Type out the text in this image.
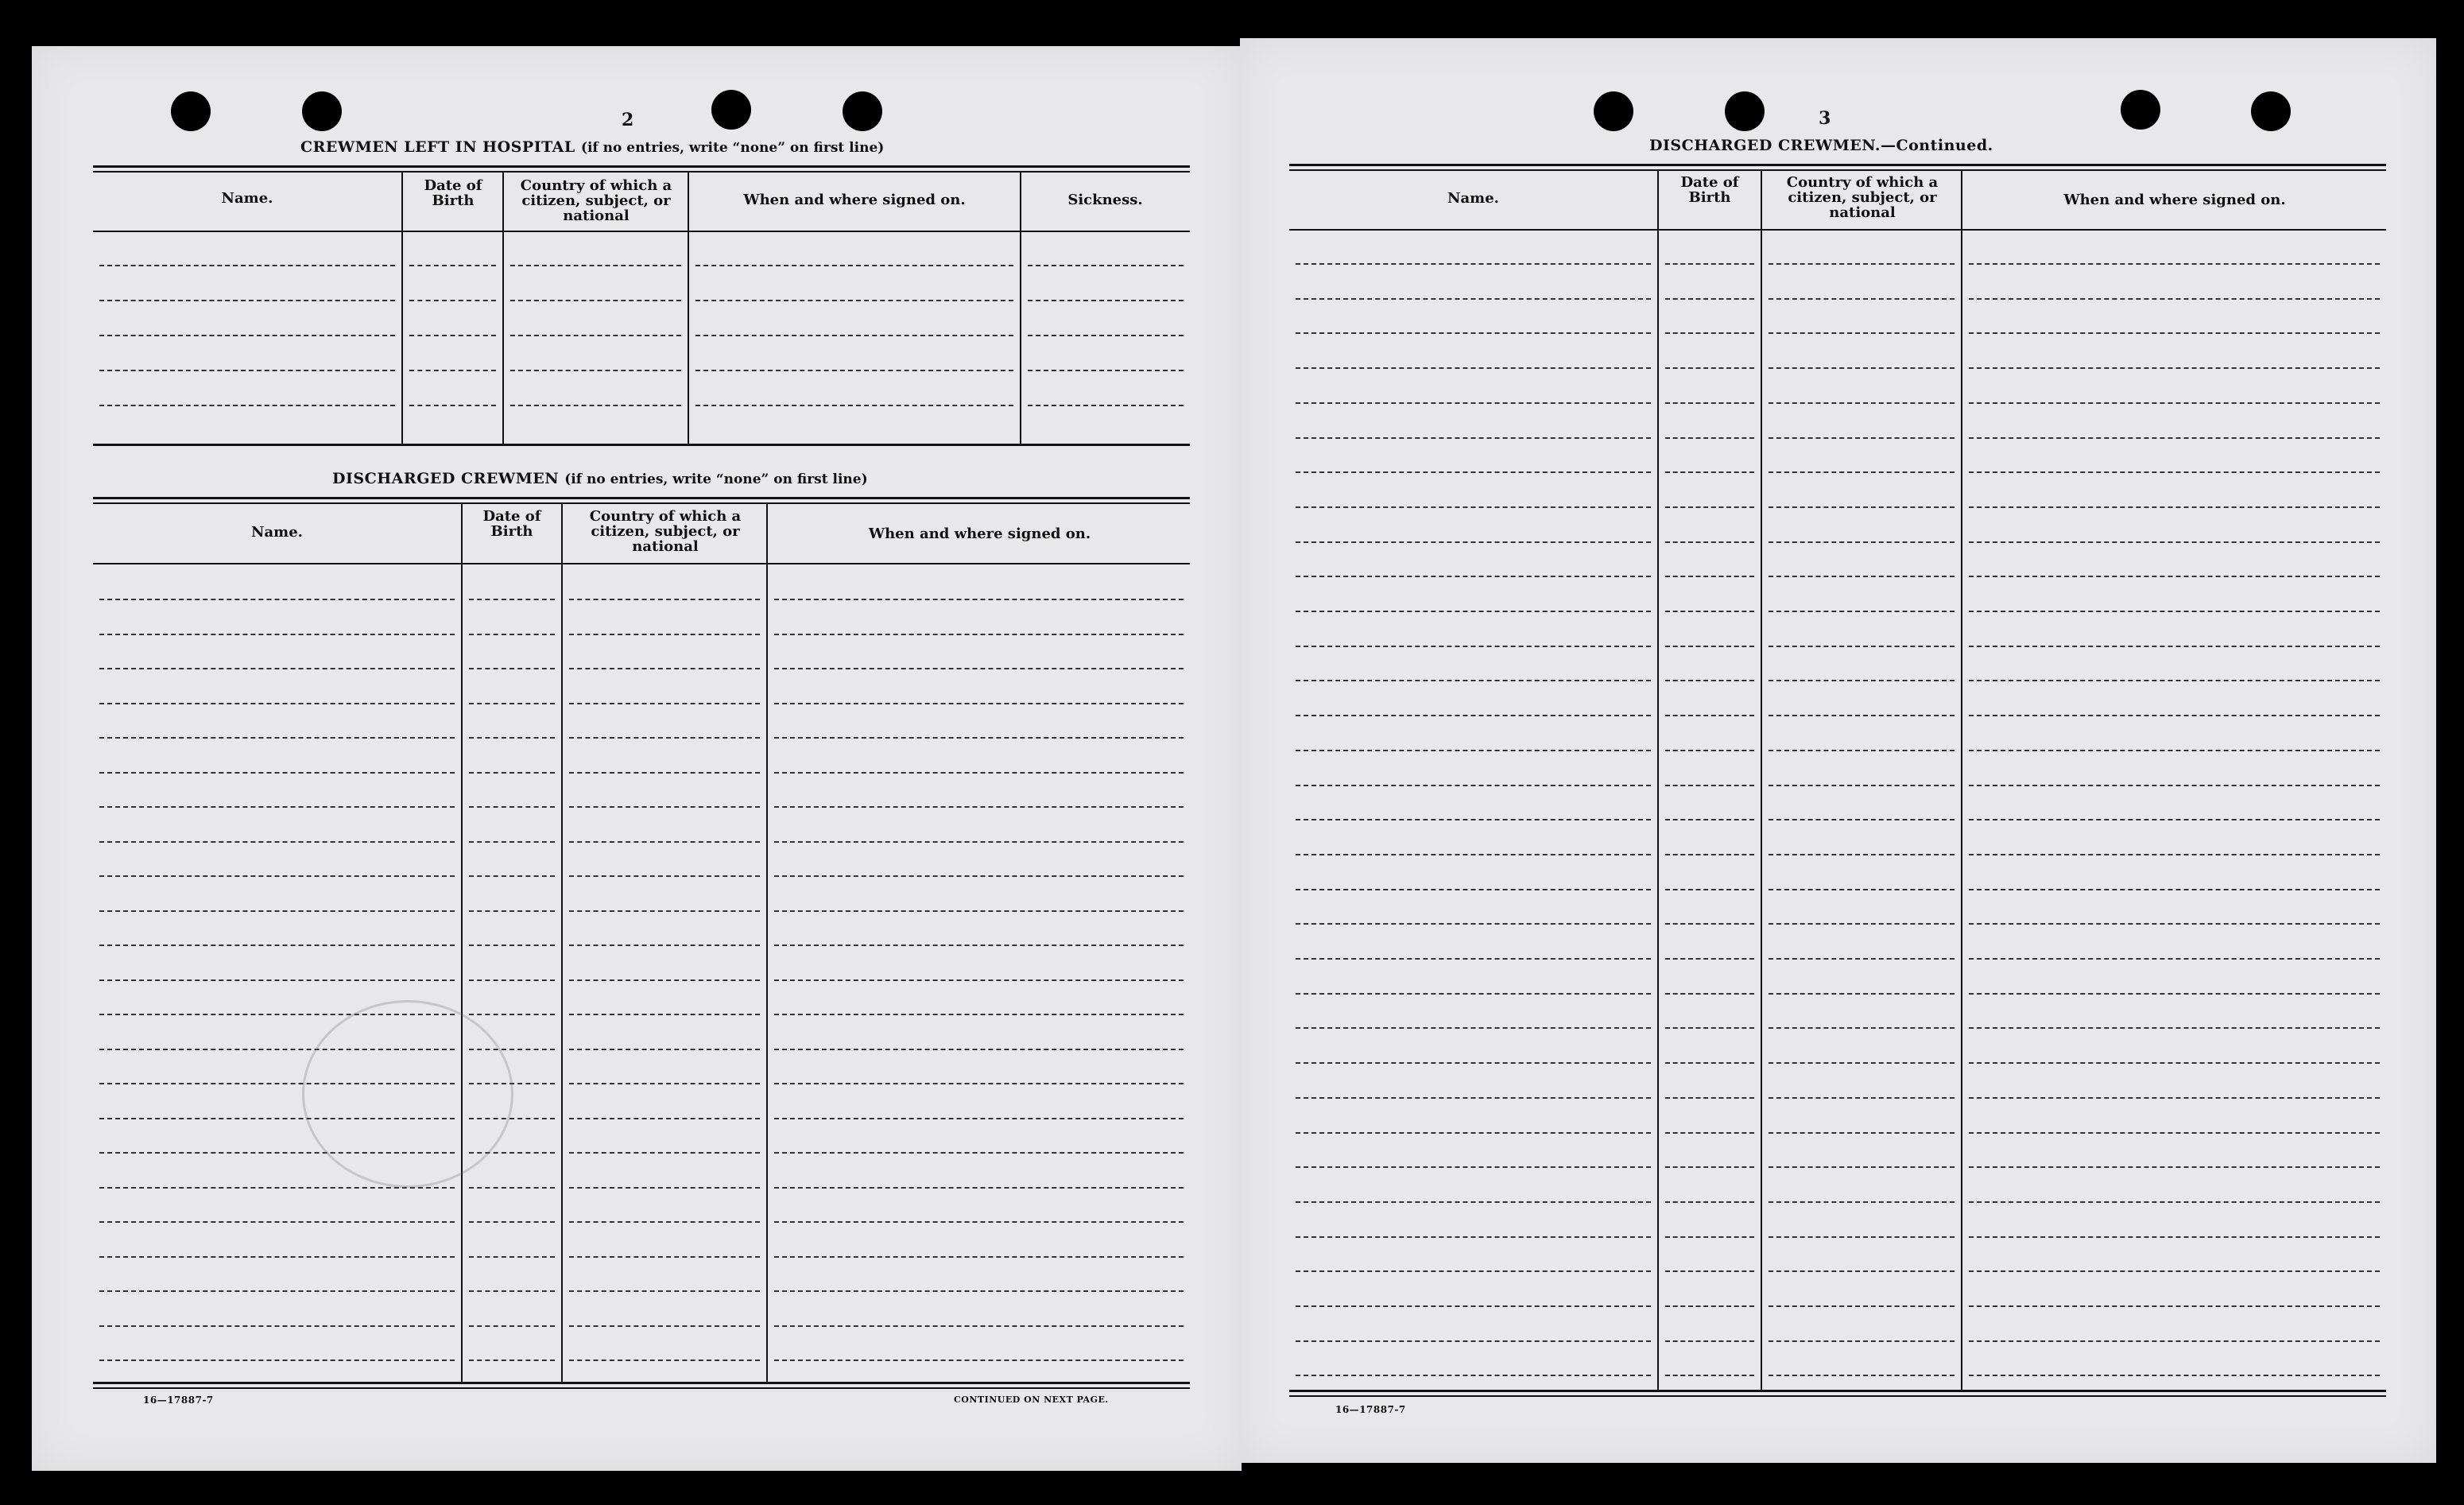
2
CREWMEN LEFT IN HOSPITAL (if no entries, write “none” on first line)
Name.
Date of Birth
Country of which a citizen, subject, or national
When and where signed on.	Sickness.
DISCHARGED CREWMEN (if no entries, write “none” on first line)
Name.
Date of Birth
Country of which a citizen, subject, or national
When and where signed on.
16—17887-7	CONTINUED ON NEXT PAGE.
3
DISCHARGED CREWMEN.—Continued.
Name.
Date of Birth
Country of which a citizen, subject, or national
When and where signed on.
16—17887-7
